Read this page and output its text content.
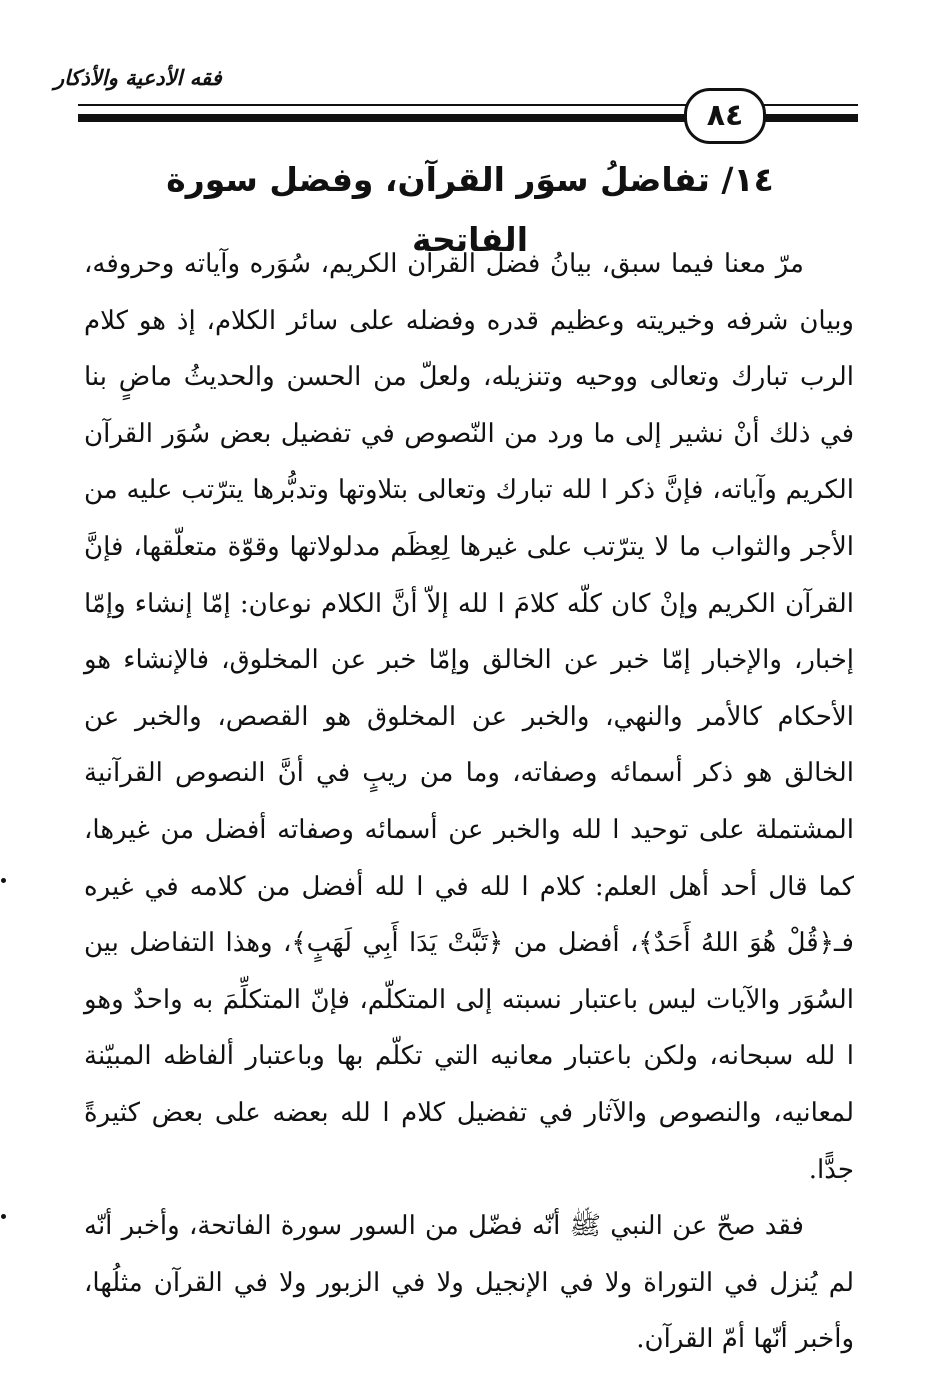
فقه الأدعية والأذكار
٨٤
١٤/ تفاضلُ سوَر القرآن، وفضل سورة الفاتحة

مرّ معنا فيما سبق، بيانُ فضل القرآن الكريم، سُوَره وآياته وحروفه، وبيان شرفه وخيريته وعظيم قدره وفضله على سائر الكلام، إذ هو كلام الرب تبارك وتعالى ووحيه وتنزيله، ولعلّ من الحسن والحديثُ ماضٍ بنا في ذلك أنْ نشير إلى ما ورد من النّصوص في تفضيل بعض سُوَر القرآن الكريم وآياته، فإنَّ ذكر ا لله تبارك وتعالى بتلاوتها وتدبُّرها يترّتب عليه من الأجر والثواب ما لا يترّتب على غيرها لِعِظَم مدلولاتها وقوّة متعلّقها، فإنَّ القرآن الكريم وإنْ كان كلّه كلامَ ا لله إلاّ أنَّ الكلام نوعان: إمّا إنشاء وإمّا إخبار، والإخبار إمّا خبر عن الخالق وإمّا خبر عن المخلوق، فالإنشاء هو الأحكام كالأمر والنهي، والخبر عن المخلوق هو القصص، والخبر عن الخالق هو ذكر أسمائه وصفاته، وما من ريبٍ في أنَّ النصوص القرآنية المشتملة على توحيد ا لله والخبر عن أسمائه وصفاته أفضل من غيرها، كما قال أحد أهل العلم: كلام ا لله في ا لله أفضل من كلامه في غيره فـ﴿قُلْ هُوَ اللهُ أَحَدٌ﴾، أفضل من ﴿تَبَّتْ يَدَا أَبِي لَهَبٍ﴾، وهذا التفاضل بين السُوَر والآيات ليس باعتبار نسبته إلى المتكلّم، فإنّ المتكلِّمَ به واحدٌ وهو ا لله سبحانه، ولكن باعتبار معانيه التي تكلّم بها وباعتبار ألفاظه المبيّنة لمعانيه، والنصوص والآثار في تفضيل كلام ا لله بعضه على بعض كثيرةً جدًّا.

فقد صحّ عن النبي ﷺ أنّه فضّل من السور سورة الفاتحة، وأخبر أنّه لم يُنزل في التوراة ولا في الإنجيل ولا في الزبور ولا في القرآن مثلُها، وأخبر أنّها أمّ القرآن.
